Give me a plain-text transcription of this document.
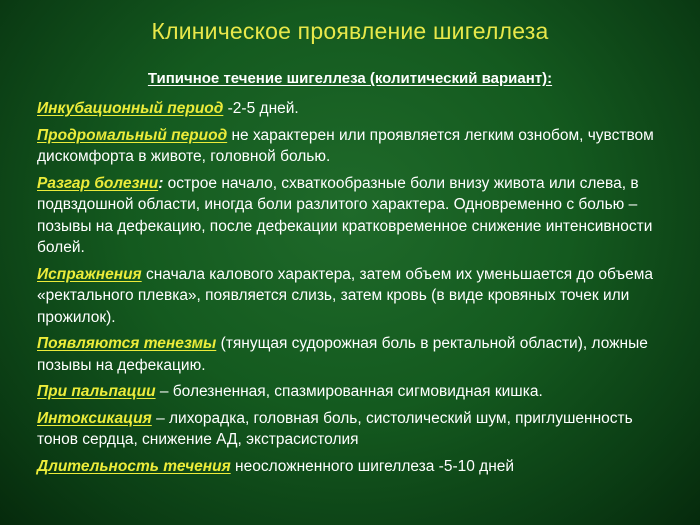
Клиническое проявление шигеллеза
Типичное течение шигеллеза (колитический вариант):

Инкубационный период -2-5 дней.

Продромальный период не характерен или проявляется легким ознобом, чувством дискомфорта в животе, головной болью.

Разгар болезни: острое начало, схваткообразные боли внизу живота или слева, в подвздошной области, иногда боли разлитого характера. Одновременно с болью – позывы на дефекацию, после дефекации кратковременное снижение интенсивности болей.

Испражнения сначала калового характера, затем объем их уменьшается до объема «ректального плевка», появляется слизь, затем кровь (в виде кровяных точек или прожилок).

Появляются тенезмы (тянущая судорожная боль в ректальной области), ложные позывы на дефекацию.

При пальпации – болезненная, спазмированная сигмовидная кишка.

Интоксикация – лихорадка, головная боль, систолический шум, приглушенность тонов сердца, снижение АД, экстрасистолия

Длительность течения неосложненного шигеллеза -5-10 дней
